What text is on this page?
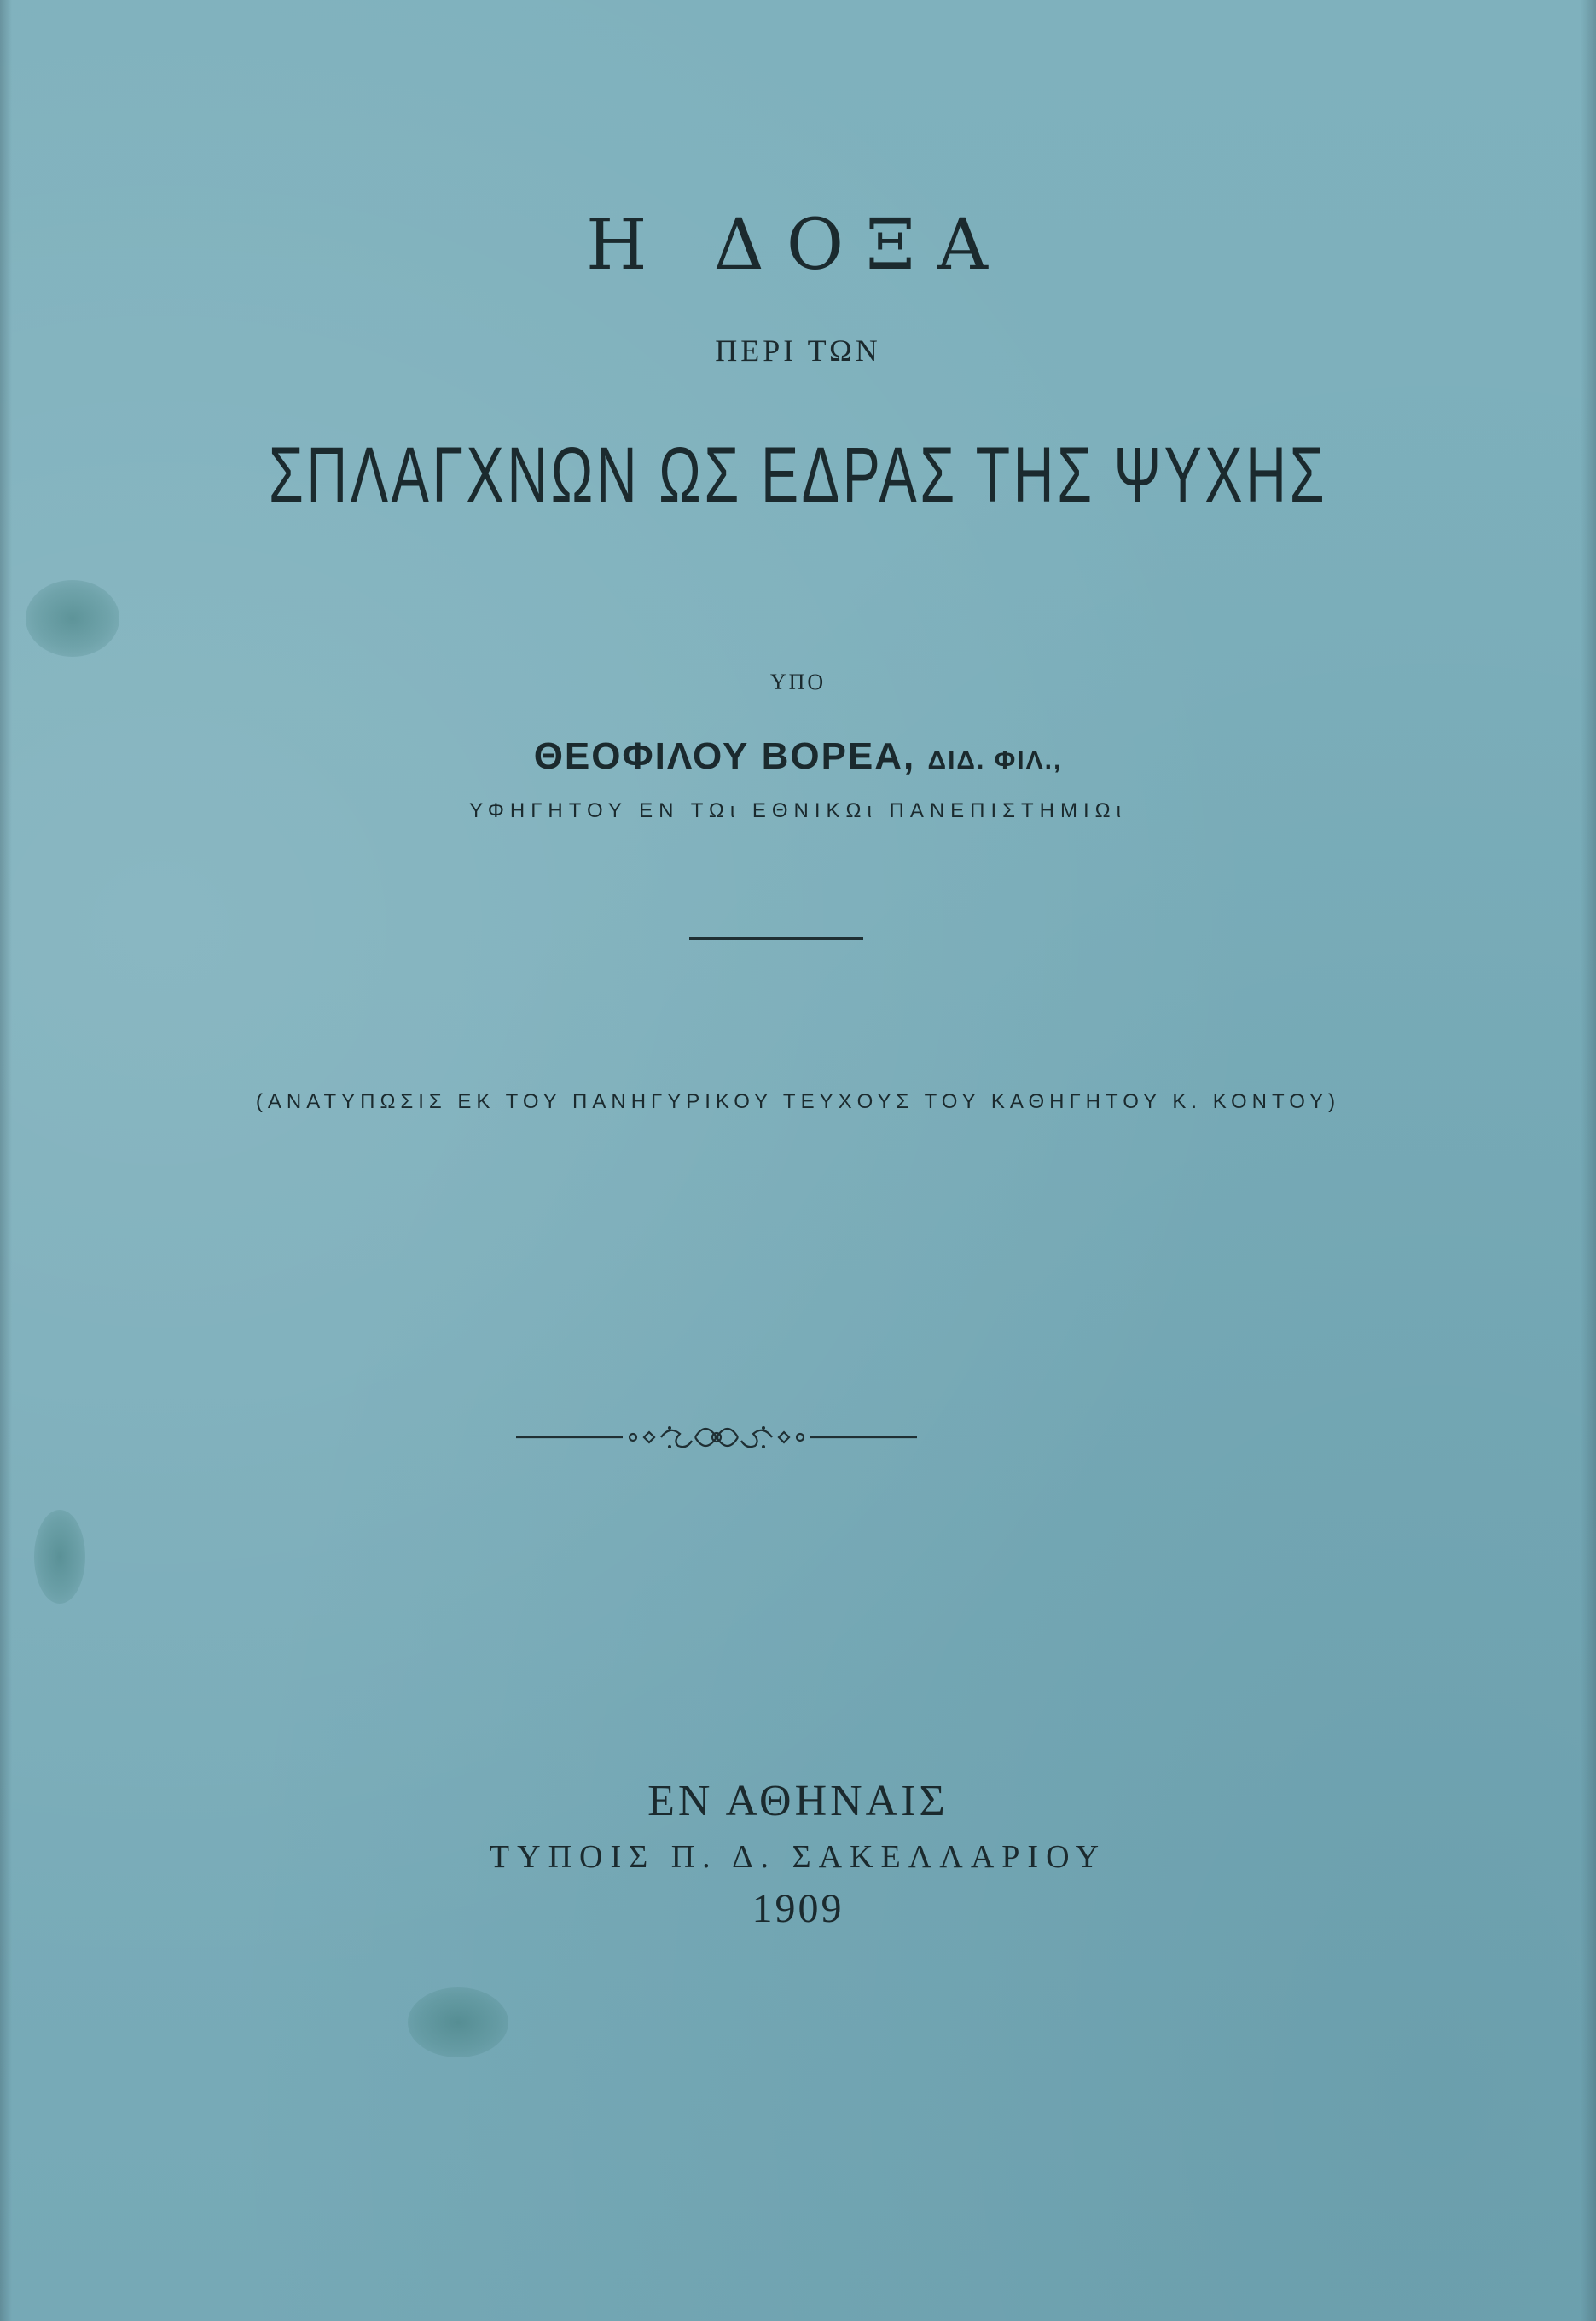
Η ΔΟΞΑ
ΠΕΡΙ ΤΩΝ
ΣΠΛΑΓΧΝΩΝ ΩΣ ΕΔΡΑΣ ΤΗΣ ΨΥΧΗΣ
ΥΠΟ
ΘΕΟΦΙΛΟΥ ΒΟΡΕΑ, ΔΙΔ. ΦΙΛ.,
ΥΦΗΓΗΤΟΥ ΕΝ ΤΩι ΕΘΝΙΚΩι ΠΑΝΕΠΙΣΤΗΜΙΩι
(ΑΝΑΤΥΠΩΣΙΣ ΕΚ ΤΟΥ ΠΑΝΗΓΥΡΙΚΟΥ ΤΕΥΧΟΥΣ ΤΟΥ ΚΑΘΗΓΗΤΟΥ Κ. ΚΟΝΤΟΥ)
ΕΝ ΑΘΗΝΑΙΣ
ΤΥΠΟΙΣ Π. Δ. ΣΑΚΕΛΛΑΡΙΟΥ
1909
